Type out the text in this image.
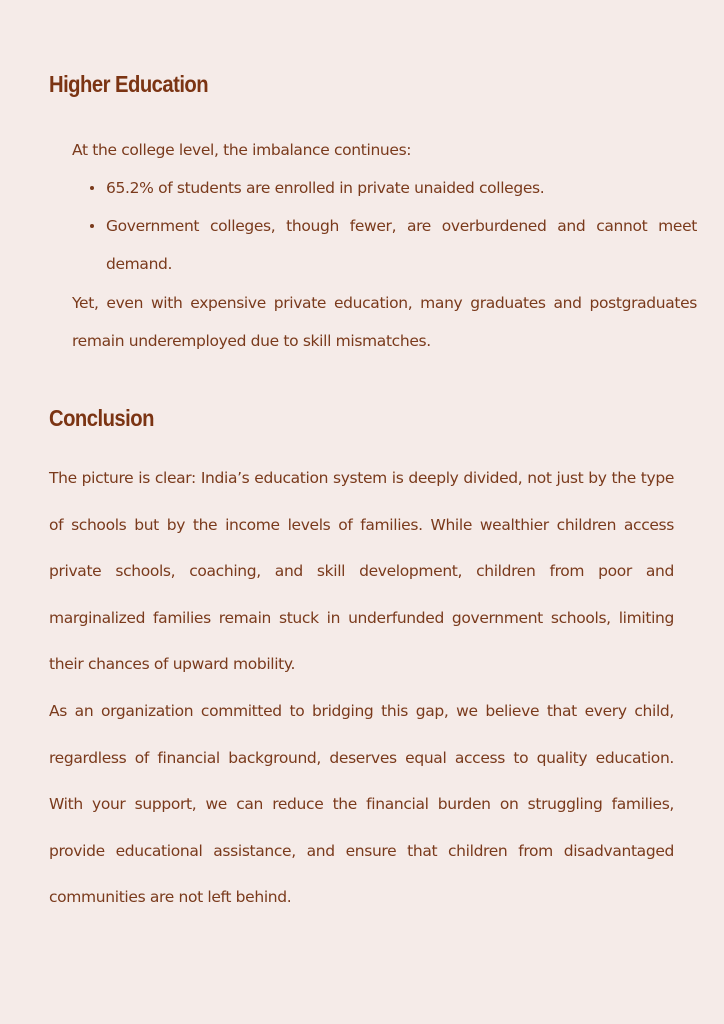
Higher Education

At the college level, the imbalance continues:

65.2% of students are enrolled in private unaided colleges.
Government colleges, though fewer, are overburdened and cannot meet demand.

Yet, even with expensive private education, many graduates and postgraduates remain underemployed due to skill mismatches.

Conclusion

The picture is clear: India’s education system is deeply divided, not just by the type of schools but by the income levels of families. While wealthier children access private schools, coaching, and skill development, children from poor and marginalized families remain stuck in underfunded government schools, limiting their chances of upward mobility.

As an organization committed to bridging this gap, we believe that every child, regardless of financial background, deserves equal access to quality education. With your support, we can reduce the financial burden on struggling families, provide educational assistance, and ensure that children from disadvantaged communities are not left behind.
